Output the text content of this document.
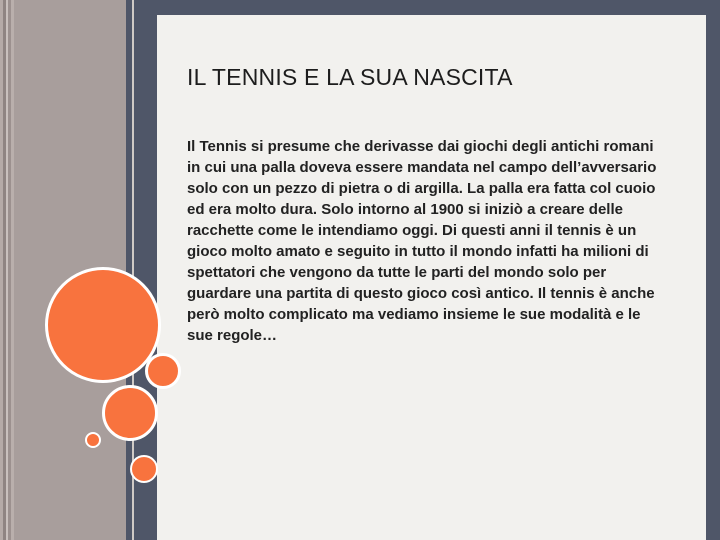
IL TENNIS E LA SUA NASCITA

Il Tennis si presume che derivasse dai giochi degli antichi romani in cui una palla doveva essere mandata nel campo dell’avversario solo con un pezzo di pietra o di argilla. La palla era fatta col cuoio ed era molto dura. Solo intorno al 1900 si iniziò a creare delle racchette come le intendiamo oggi. Di questi anni il tennis è un gioco molto amato e seguito in tutto il mondo infatti ha milioni di spettatori che vengono da tutte le parti del mondo solo per guardare una partita di questo gioco così antico. Il tennis è anche però molto complicato ma vediamo insieme le sue modalità e le sue regole…
